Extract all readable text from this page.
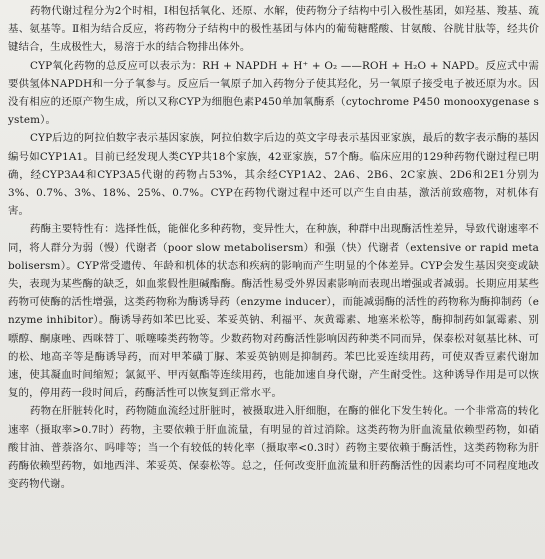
药物代谢过程分为2个时相，Ⅰ相包括氧化、还原、水解，使药物分子结构中引入极性基团，如羟基、羧基、巯基、氨基等。Ⅱ相为结合反应，将药物分子结构中的极性基团与体内的葡萄糖醛酸、甘氨酸、谷胱甘肽等，经共价键结合，生成极性大，易溶于水的结合物排出体外。

CYP氧化药物的总反应可以表示为：RH + NAPDH + H⁺ + O₂ ——ROH + H₂O + NAPD。反应式中需要供氢体NAPDH和一分子氧参与。反应后一氧原子加入药物分子使其羟化，另一氧原子接受电子被还原为水。因没有相应的还原产物生成，所以又称CYP为细胞色素P450单加氧酶系（cytochrome P450 monooxygenase system）。

CYP后边的阿拉伯数字表示基因家族，阿拉伯数字后边的英文字母表示基因亚家族，最后的数字表示酶的基因编号如CYP1A1。目前已经发现人类CYP共18个家族，42亚家族，57个酶。临床应用的129种药物代谢过程已明确，经CYP3A4和CYP3A5代谢的药物占53%，其余经CYP1A2、2A6、2B6、2C家族、2D6和2E1分别为3%、0.7%、3%、18%、25%、0.7%。CYP在药物代谢过程中还可以产生自由基，激活前致癌物，对机体有害。

药酶主要特性有：选择性低，能催化多种药物，变异性大，在种族，种群中出现酶活性差异，导致代谢速率不同，将人群分为弱（慢）代谢者（poor slow metabolisersm）和强（快）代谢者（extensive or rapid metabolisersm）。CYP常受遗传、年龄和机体的状态和疾病的影响而产生明显的个体差异。CYP会发生基因突变或缺失，表现为某些酶的缺乏，如血浆假性胆碱酯酶。酶活性易受外界因素影响而表现出增强或者减弱。长期应用某些药物可使酶的活性增强，这类药物称为酶诱导药（enzyme inducer），而能减弱酶的活性的药物称为酶抑制药（enzyme inhibitor）。酶诱导药如苯巴比妥、苯妥英钠、利福平、灰黄霉素、地塞米松等，酶抑制药如氯霉素、别嘌醇、酮康唑、西咪替丁、哌噻嗪类药物等。少数药物对药酶活性影响因药种类不同而异，保泰松对氨基比林、可的松、地高辛等是酶诱导药，而对甲苯磺丁脲、苯妥英钠则是抑制药。苯巴比妥连续用药，可使双香豆素代谢加速，使其凝血时间缩短；氯氮平、甲丙氨酯等连续用药，也能加速自身代谢，产生耐受性。这种诱导作用是可以恢复的，停用药一段时间后，药酶活性可以恢复到正常水平。

药物在肝脏转化时，药物随血流经过肝脏时，被摄取进入肝细胞，在酶的催化下发生转化。一个非常高的转化速率（摄取率>0.7时）药物，主要依赖于肝血流量，有明显的首过消除。这类药物为肝血流量依赖型药物，如硝酸甘油、普萘洛尔、吗啡等；当一个有较低的转化率（摄取率<0.3时）药物主要依赖于酶活性，这类药物称为肝药酶依赖型药物，如地西泮、苯妥英、保泰松等。总之，任何改变肝血流量和肝药酶活性的因素均可不同程度地改变药物代谢。
